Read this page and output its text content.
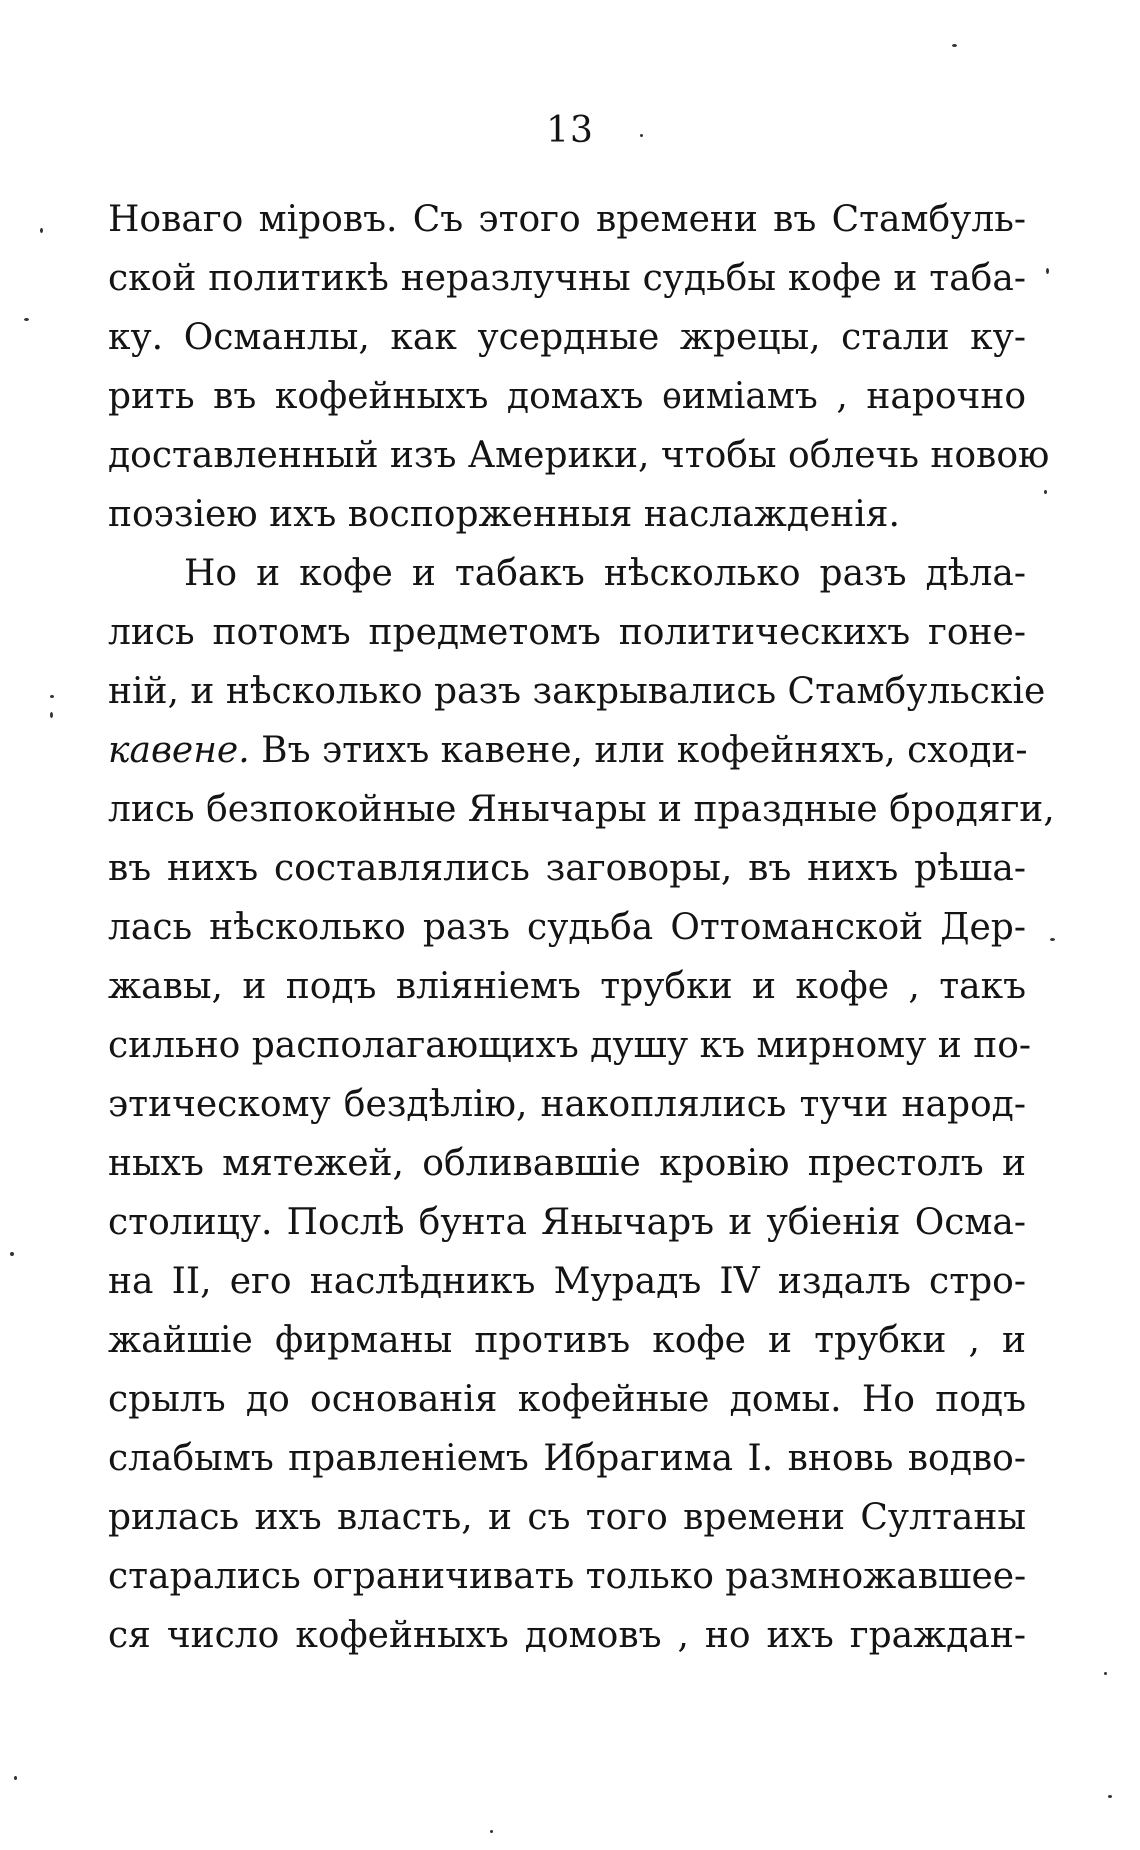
13
Новаго міровъ. Съ этого времени въ Стамбуль-
ской политикѣ неразлучны судьбы кофе и таба-
ку. Османлы, как усердные жрецы, стали ку-
рить въ кофейныхъ домахъ ѳиміамъ , нарочно
доставленный изъ Америки, чтобы облечь новою
поэзіею ихъ воспорженныя наслажденія.
Но и кофе и табакъ нѣсколько разъ дѣла-
лись потомъ предметомъ политическихъ гоне-
ній, и нѣсколько разъ закрывались Стамбульскіе
кавене. Въ этихъ кавене, или кофейняхъ, сходи-
лись безпокойные Янычары и праздные бродяги,
въ нихъ составлялись заговоры, въ нихъ рѣша-
лась нѣсколько разъ судьба Оттоманской Дер-
жавы, и подъ вліяніемъ трубки и кофе , такъ
сильно располагающихъ душу къ мирному и по-
этическому бездѣлію, накоплялись тучи народ-
ныхъ мятежей, обливавшіе кровію престолъ и
столицу. Послѣ бунта Янычаръ и убіенія Осма-
на II, его наслѣдникъ Мурадъ IV издалъ стро-
жайшіе фирманы противъ кофе и трубки , и
срылъ до основанія кофейные домы. Но подъ
слабымъ правленіемъ Ибрагима I. вновь водво-
рилась ихъ власть, и съ того времени Султаны
старались ограничивать только размножавшее-
ся число кофейныхъ домовъ , но ихъ граждан-
